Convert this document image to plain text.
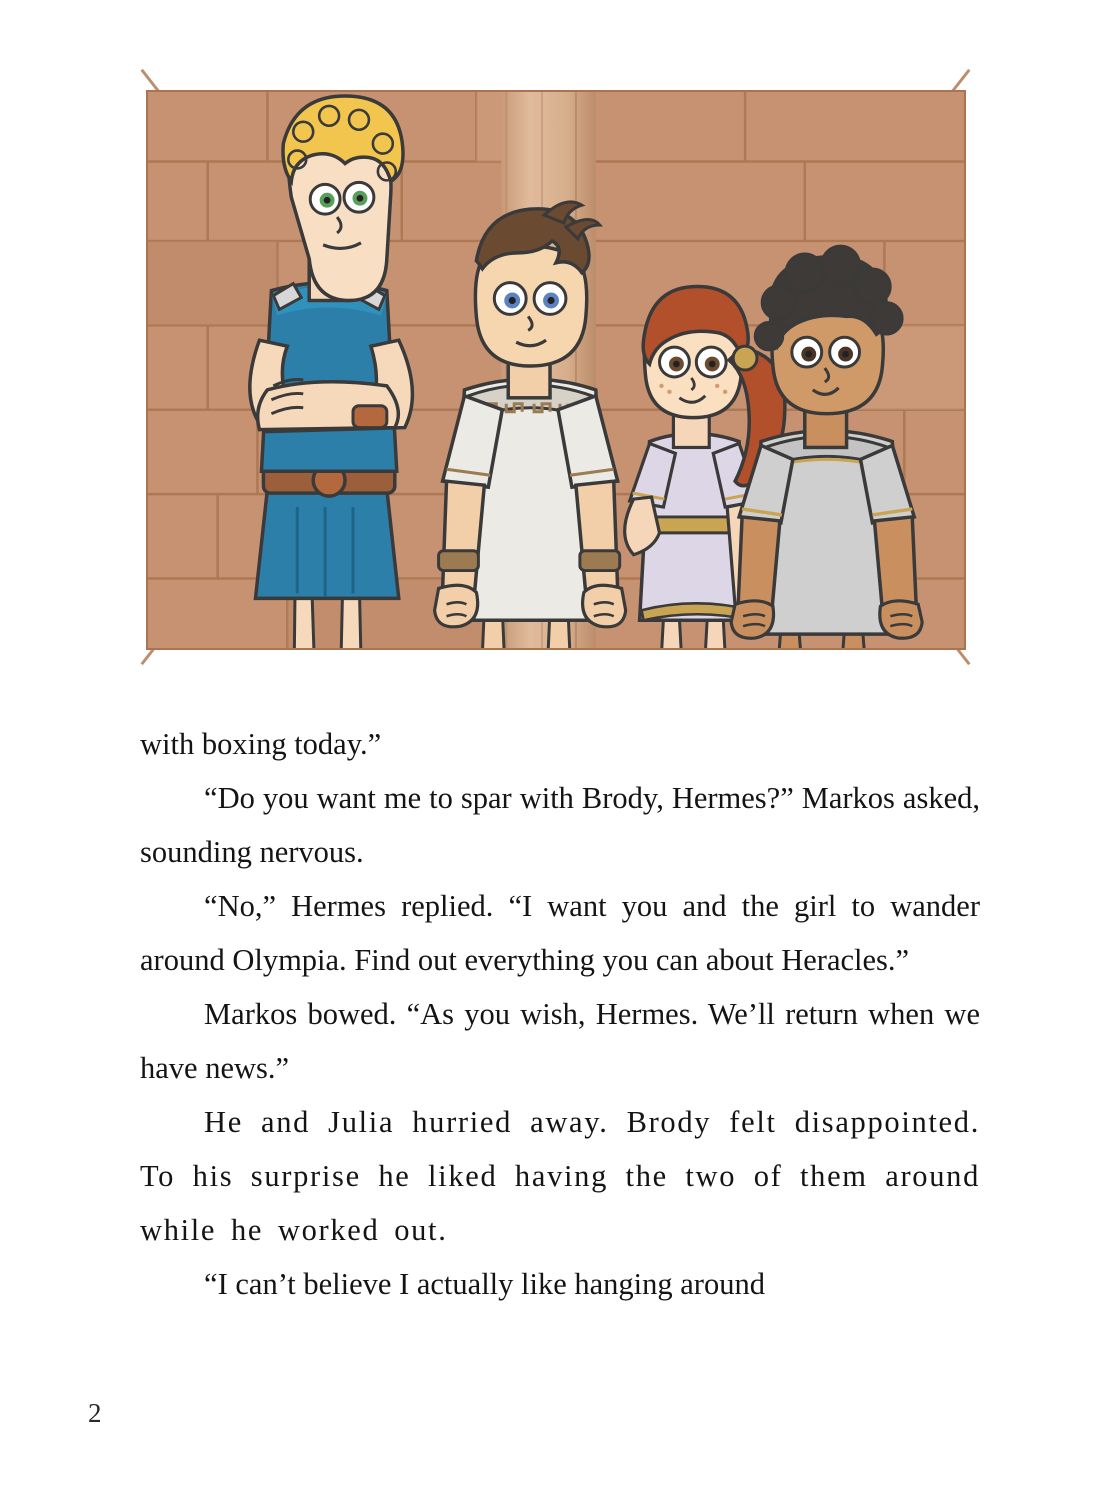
with boxing today.”

“Do you want me to spar with Brody, Hermes?” Markos asked, sounding nervous.

“No,” Hermes replied. “I want you and the girl to wander around Olympia. Find out everything you can about Heracles.”

Markos bowed. “As you wish, Hermes. We’ll return when we have news.”

He and Julia hurried away. Brody felt disappointed. To his surprise he liked having the two of them around while he worked out.

“I can’t believe I actually like hanging around

2
